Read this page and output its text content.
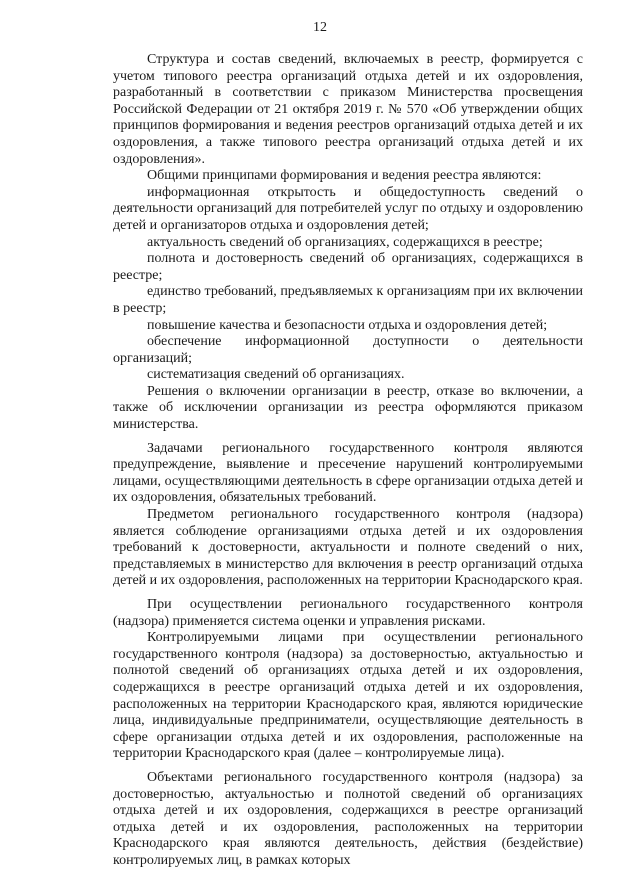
12

Структура и состав сведений, включаемых в реестр, формируется с учетом типового реестра организаций отдыха детей и их оздоровления, разработанный в соответствии с приказом Министерства просвещения Российской Федерации от 21 октября 2019 г. № 570 «Об утверждении общих принципов формирования и ведения реестров организаций отдыха детей и их оздоровления, а также типового реестра организаций отдыха детей и их оздоровления».

Общими принципами формирования и ведения реестра являются:

информационная открытость и общедоступность сведений о деятельности организаций для потребителей услуг по отдыху и оздоровлению детей и организаторов отдыха и оздоровления детей;

актуальность сведений об организациях, содержащихся в реестре;

полнота и достоверность сведений об организациях, содержащихся в реестре;

единство требований, предъявляемых к организациям при их включении в реестр;

повышение качества и безопасности отдыха и оздоровления детей;

обеспечение информационной доступности о деятельности организаций;

систематизация сведений об организациях.

Решения о включении организации в реестр, отказе во включении, а также об исключении организации из реестра оформляются приказом министерства.

Задачами регионального государственного контроля являются предупреждение, выявление и пресечение нарушений контролируемыми лицами, осуществляющими деятельность в сфере организации отдыха детей и их оздоровления, обязательных требований.

Предметом регионального государственного контроля (надзора) является соблюдение организациями отдыха детей и их оздоровления требований к достоверности, актуальности и полноте сведений о них, представляемых в министерство для включения в реестр организаций отдыха детей и их оздоровления, расположенных на территории Краснодарского края.

При осуществлении регионального государственного контроля (надзора) применяется система оценки и управления рисками.

Контролируемыми лицами при осуществлении регионального государственного контроля (надзора) за достоверностью, актуальностью и полнотой сведений об организациях отдыха детей и их оздоровления, содержащихся в реестре организаций отдыха детей и их оздоровления, расположенных на территории Краснодарского края, являются юридические лица, индивидуальные предприниматели, осуществляющие деятельность в сфере организации отдыха детей и их оздоровления, расположенные на территории Краснодарского края (далее – контролируемые лица).

Объектами регионального государственного контроля (надзора) за достоверностью, актуальностью и полнотой сведений об организациях отдыха детей и их оздоровления, содержащихся в реестре организаций отдыха детей и их оздоровления, расположенных на территории Краснодарского края являются деятельность, действия (бездействие) контролируемых лиц, в рамках которых
